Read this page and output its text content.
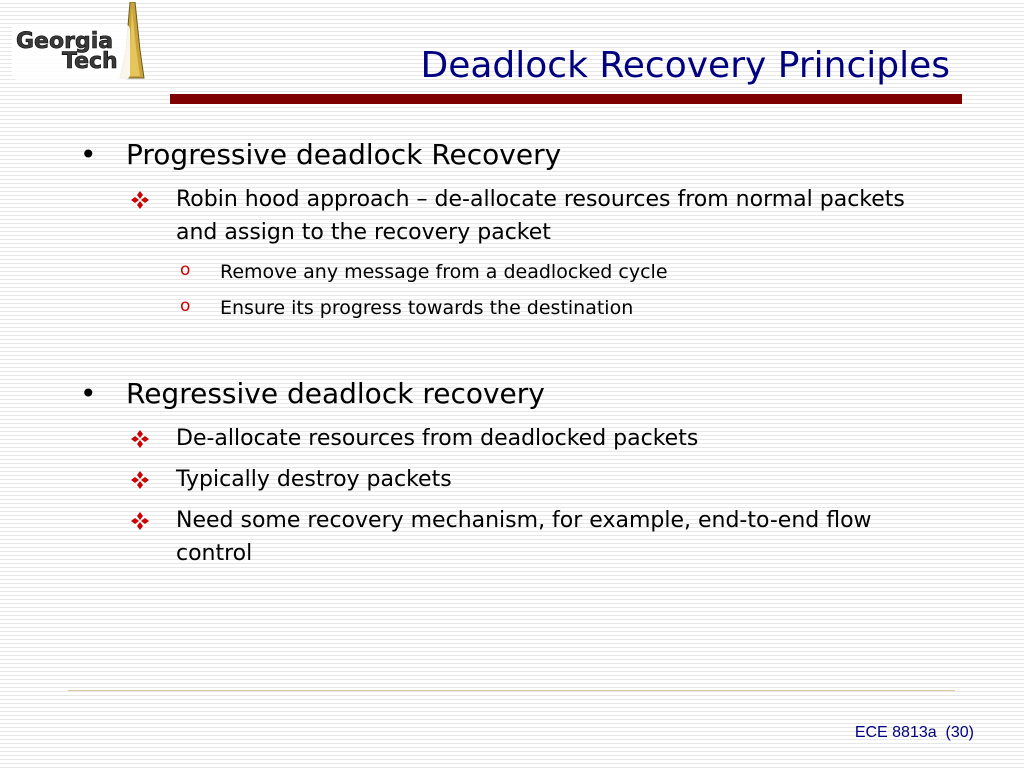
Georgia
Tech	Deadlock Recovery Principles
• Progressive deadlock Recovery
Robin hood approach – de-allocate resources from normal packets and assign to the recovery packet
o Remove any message from a deadlocked cycle
o Ensure its progress towards the destination
• Regressive deadlock recovery
De-allocate resources from deadlocked packets
Typically destroy packets
Need some recovery mechanism, for example, end-to-end flow control
ECE 8813a  (30)
